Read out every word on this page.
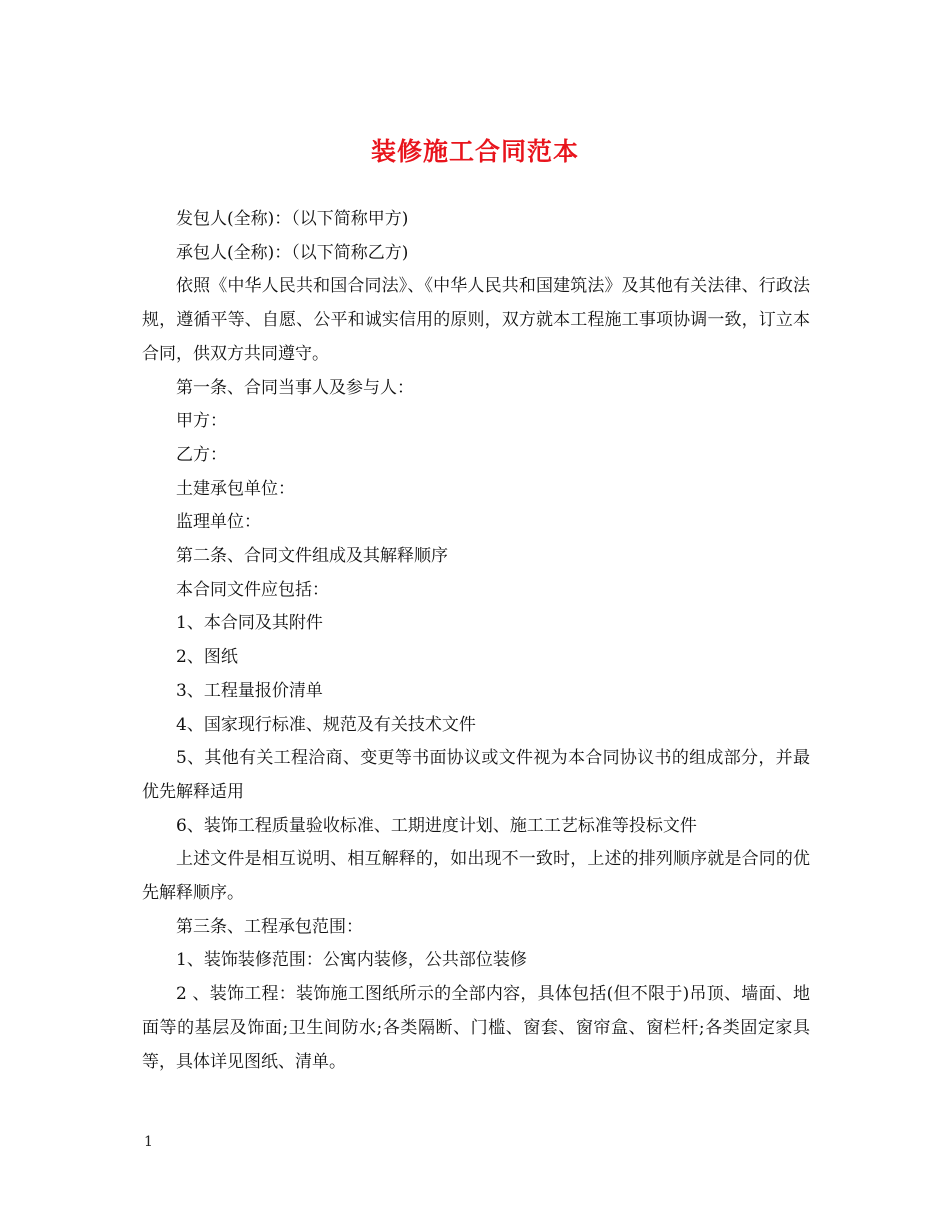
装修施工合同范本

发包人(全称)：（以下简称甲方)

承包人(全称)：（以下简称乙方)

依照《中华人民共和国合同法》、《中华人民共和国建筑法》及其他有关法律、行政法规，遵循平等、自愿、公平和诚实信用的原则，双方就本工程施工事项协调一致，订立本合同，供双方共同遵守。

第一条、合同当事人及参与人：

甲方：

乙方：

土建承包单位：

监理单位：

第二条、合同文件组成及其解释顺序

本合同文件应包括：

1、本合同及其附件

2、图纸

3、工程量报价清单

4、国家现行标准、规范及有关技术文件

5、其他有关工程洽商、变更等书面协议或文件视为本合同协议书的组成部分，并最优先解释适用

6、装饰工程质量验收标准、工期进度计划、施工工艺标准等投标文件

上述文件是相互说明、相互解释的，如出现不一致时，上述的排列顺序就是合同的优先解释顺序。

第三条、工程承包范围：

1、装饰装修范围：公寓内装修，公共部位装修

2 、装饰工程：装饰施工图纸所示的全部内容，具体包括(但不限于)吊顶、墙面、地面等的基层及饰面;卫生间防水;各类隔断、门槛、窗套、窗帘盒、窗栏杆;各类固定家具等，具体详见图纸、清单。

1
